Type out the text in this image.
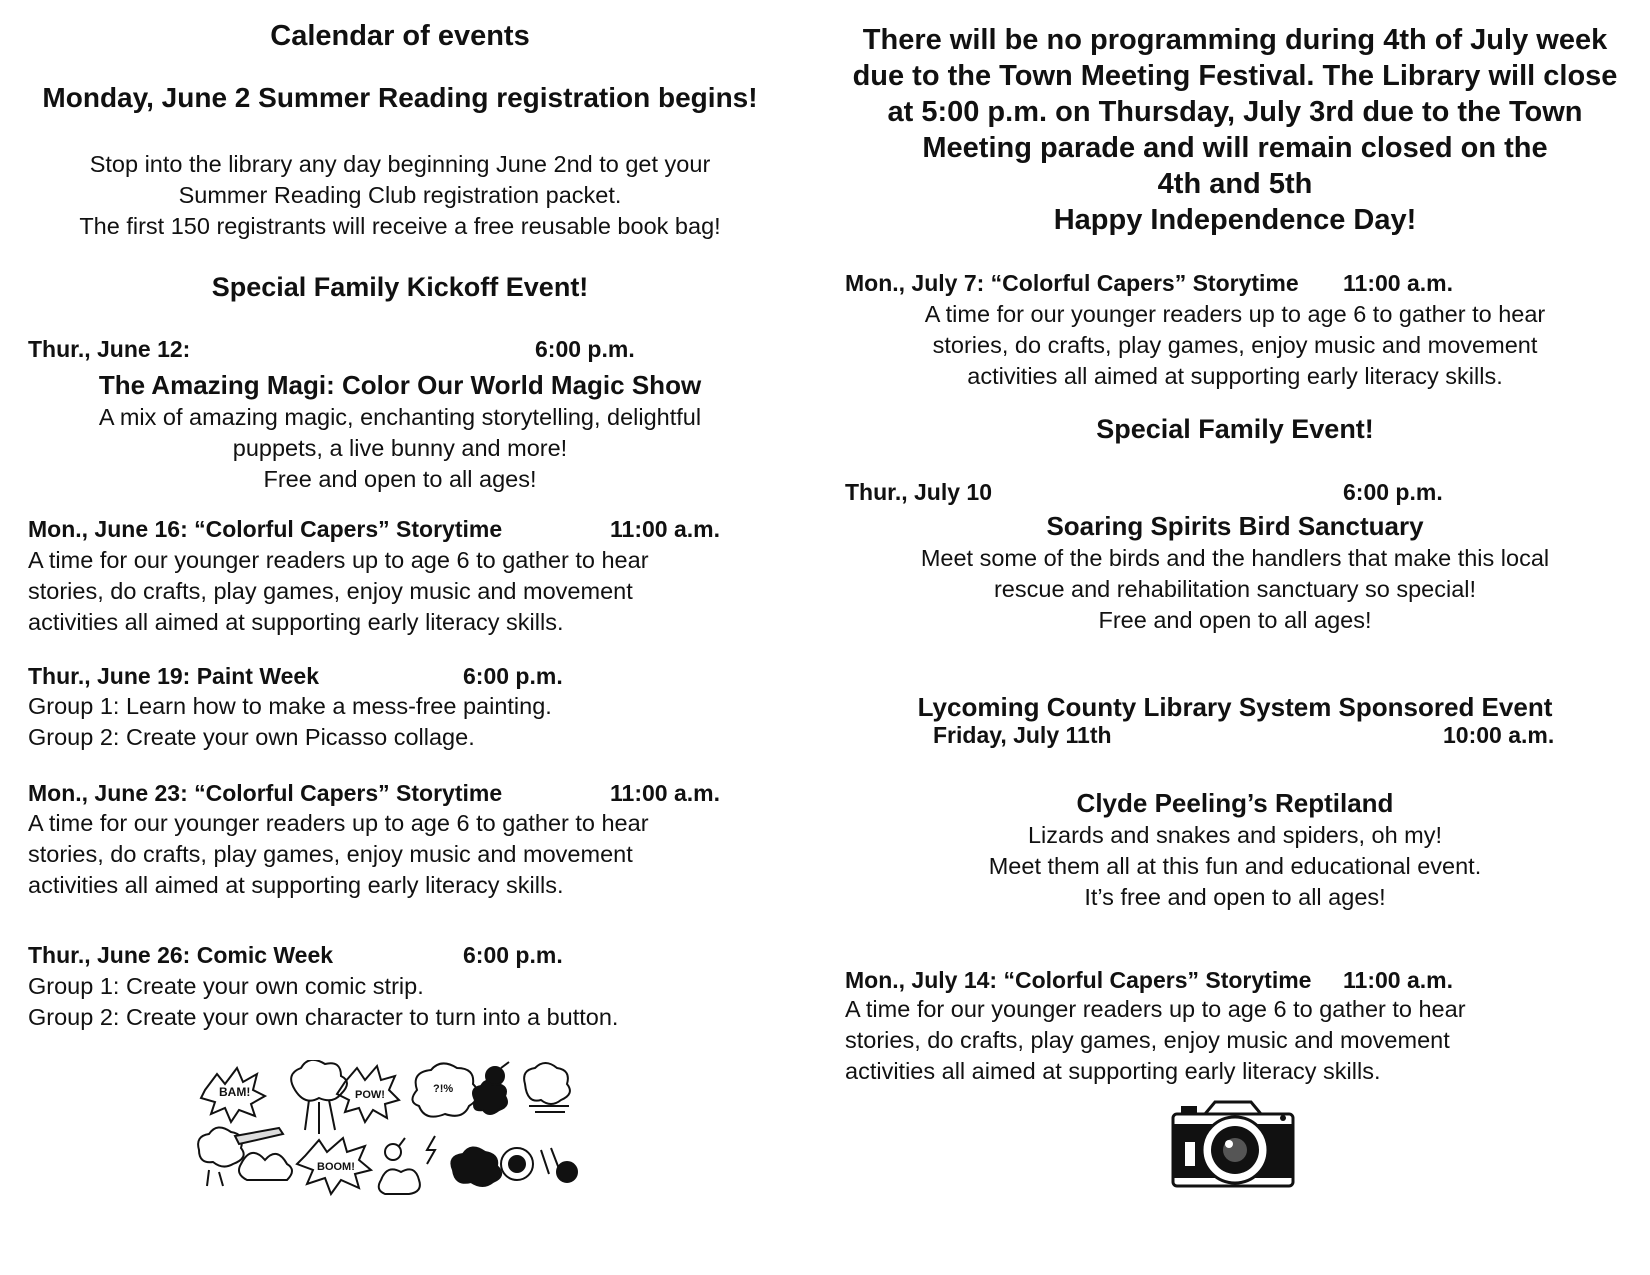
Calendar of events
Monday, June 2 Summer Reading registration begins!
Stop into the library any day beginning June 2nd to get your
Summer Reading Club registration packet.
The first 150 registrants will receive a free reusable book bag!
Special Family Kickoff Event!
Thur., June 12:	6:00 p.m.
The Amazing Magi: Color Our World Magic Show
A mix of amazing magic, enchanting storytelling, delightful
puppets, a live bunny and more!
Free and open to all ages!
Mon., June 16: “Colorful Capers” Storytime	11:00 a.m.
A time for our younger readers up to age 6 to gather to hear
stories, do crafts, play games, enjoy music and movement
activities all aimed at supporting early literacy skills.
Thur., June 19: Paint Week	6:00 p.m.
Group 1: Learn how to make a mess-free painting.
Group 2: Create your own Picasso collage.
Mon., June 23: “Colorful Capers” Storytime	11:00 a.m.
A time for our younger readers up to age 6 to gather to hear
stories, do crafts, play games, enjoy music and movement
activities all aimed at supporting early literacy skills.
Thur., June 26: Comic Week	6:00 p.m.
Group 1: Create your own comic strip.
Group 2: Create your own character to turn into a button.
BAM!	POW!
BOOM!
?!%
There will be no programming during 4th of July week
due to the Town Meeting Festival. The Library will close
at 5:00 p.m. on Thursday, July 3rd due to the Town
Meeting parade and will remain closed on the
4th and 5th
Happy Independence Day!
Mon., July 7: “Colorful Capers” Storytime 11:00 a.m.
A time for our younger readers up to age 6 to gather to hear
stories, do crafts, play games, enjoy music and movement
activities all aimed at supporting early literacy skills.
Special Family Event!
Thur., July 10	6:00 p.m.
Soaring Spirits Bird Sanctuary
Meet some of the birds and the handlers that make this local
rescue and rehabilitation sanctuary so special!
Free and open to all ages!
Lycoming County Library System Sponsored Event
Friday, July 11th	10:00 a.m.
Clyde Peeling’s Reptiland
Lizards and snakes and spiders, oh my!
Meet them all at this fun and educational event.
It’s free and open to all ages!
Mon., July 14: “Colorful Capers” Storytime 11:00 a.m.
A time for our younger readers up to age 6 to gather to hear
stories, do crafts, play games, enjoy music and movement
activities all aimed at supporting early literacy skills.
